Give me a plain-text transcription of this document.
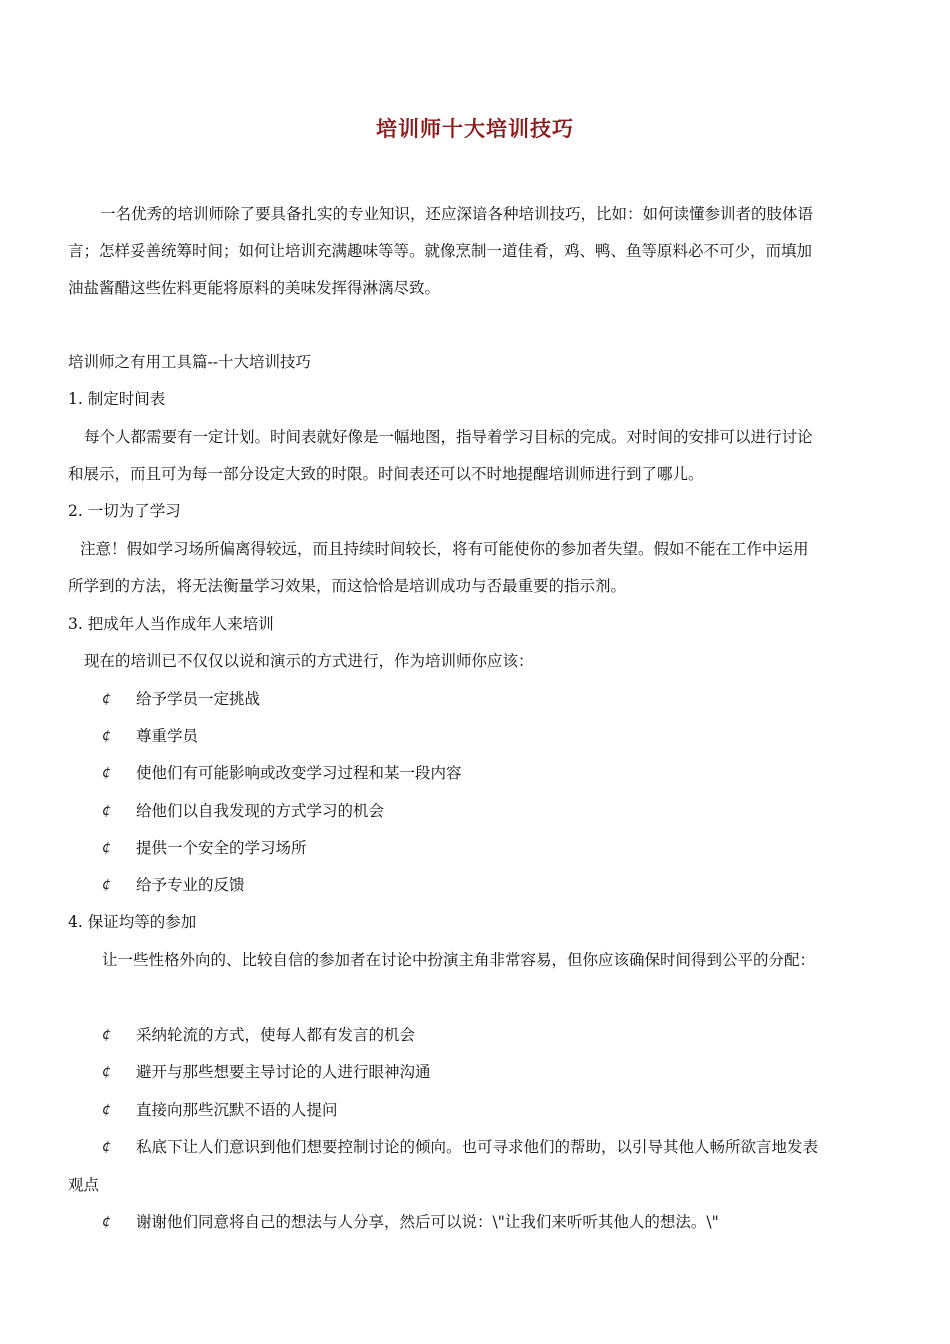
培训师十大培训技巧
一名优秀的培训师除了要具备扎实的专业知识，还应深谙各种培训技巧，比如：如何读懂参训者的肢体语
言；怎样妥善统筹时间；如何让培训充满趣味等等。就像烹制一道佳肴，鸡、鸭、鱼等原料必不可少，而填加
油盐酱醋这些佐料更能将原料的美味发挥得淋漓尽致。
培训师之有用工具篇--十大培训技巧
1. 制定时间表
每个人都需要有一定计划。时间表就好像是一幅地图，指导着学习目标的完成。对时间的安排可以进行讨论
和展示，而且可为每一部分设定大致的时限。时间表还可以不时地提醒培训师进行到了哪儿。
2. 一切为了学习
注意！假如学习场所偏离得较远，而且持续时间较长，将有可能使你的参加者失望。假如不能在工作中运用
所学到的方法，将无法衡量学习效果，而这恰恰是培训成功与否最重要的指示剂。
3. 把成年人当作成年人来培训
现在的培训已不仅仅以说和演示的方式进行，作为培训师你应该：
¢ 给予学员一定挑战
¢ 尊重学员
¢ 使他们有可能影响或改变学习过程和某一段内容
¢ 给他们以自我发现的方式学习的机会
¢ 提供一个安全的学习场所
¢ 给予专业的反馈
4. 保证均等的参加
让一些性格外向的、比较自信的参加者在讨论中扮演主角非常容易，但你应该确保时间得到公平的分配：
¢ 采纳轮流的方式，使每人都有发言的机会
¢ 避开与那些想要主导讨论的人进行眼神沟通
¢ 直接向那些沉默不语的人提问
¢ 私底下让人们意识到他们想要控制讨论的倾向。也可寻求他们的帮助，以引导其他人畅所欲言地发表
观点
¢ 谢谢他们同意将自己的想法与人分享，然后可以说：\"让我们来听听其他人的想法。\"
